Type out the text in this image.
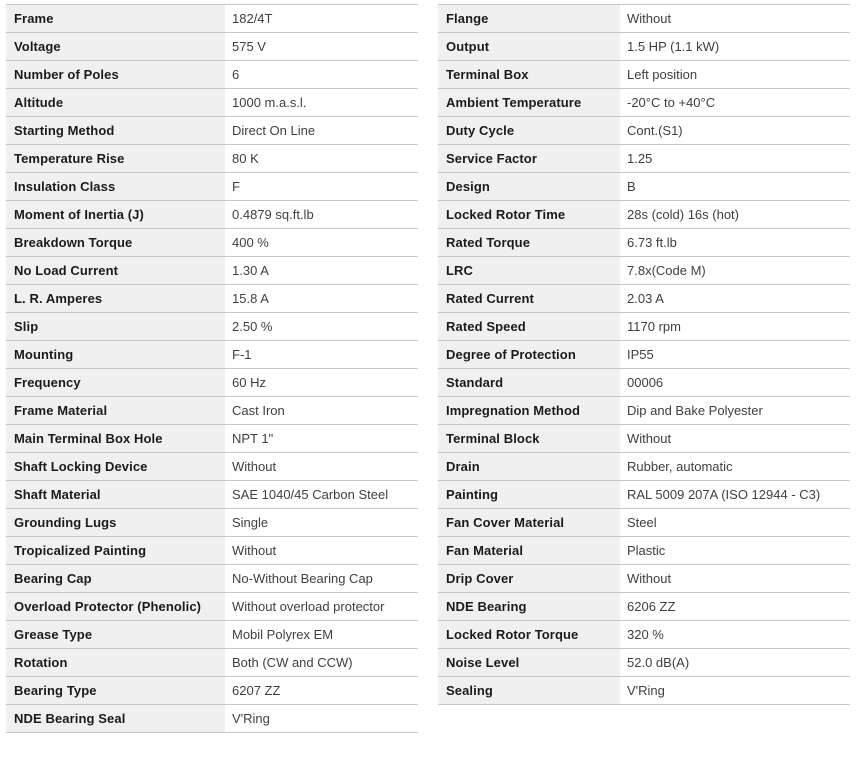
Frame	182/4T
Voltage	575 V
Number of Poles	6
Altitude	1000 m.a.s.l.
Starting Method	Direct On Line
Temperature Rise	80 K
Insulation Class	F
Moment of Inertia (J)	0.4879 sq.ft.lb
Breakdown Torque	400 %
No Load Current	1.30 A
L. R. Amperes	15.8 A
Slip	2.50 %
Mounting	F-1
Frequency	60 Hz
Frame Material	Cast Iron
Main Terminal Box Hole	NPT 1"
Shaft Locking Device	Without
Shaft Material	SAE 1040/45 Carbon Steel
Grounding Lugs	Single
Tropicalized Painting	Without
Bearing Cap	No-Without Bearing Cap
Overload Protector (Phenolic)	Without overload protector
Grease Type	Mobil Polyrex EM
Rotation	Both (CW and CCW)
Bearing Type	6207 ZZ
NDE Bearing Seal	V'Ring
Flange	Without
Output	1.5 HP (1.1 kW)
Terminal Box	Left position
Ambient Temperature	-20°C to +40°C
Duty Cycle	Cont.(S1)
Service Factor	1.25
Design	B
Locked Rotor Time	28s (cold) 16s (hot)
Rated Torque	6.73 ft.lb
LRC	7.8x(Code M)
Rated Current	2.03 A
Rated Speed	1170 rpm
Degree of Protection	IP55
Standard	00006
Impregnation Method	Dip and Bake Polyester
Terminal Block	Without
Drain	Rubber, automatic
Painting	RAL 5009 207A (ISO 12944 - C3)
Fan Cover Material	Steel
Fan Material	Plastic
Drip Cover	Without
NDE Bearing	6206 ZZ
Locked Rotor Torque	320 %
Noise Level	52.0 dB(A)
Sealing	V'Ring
